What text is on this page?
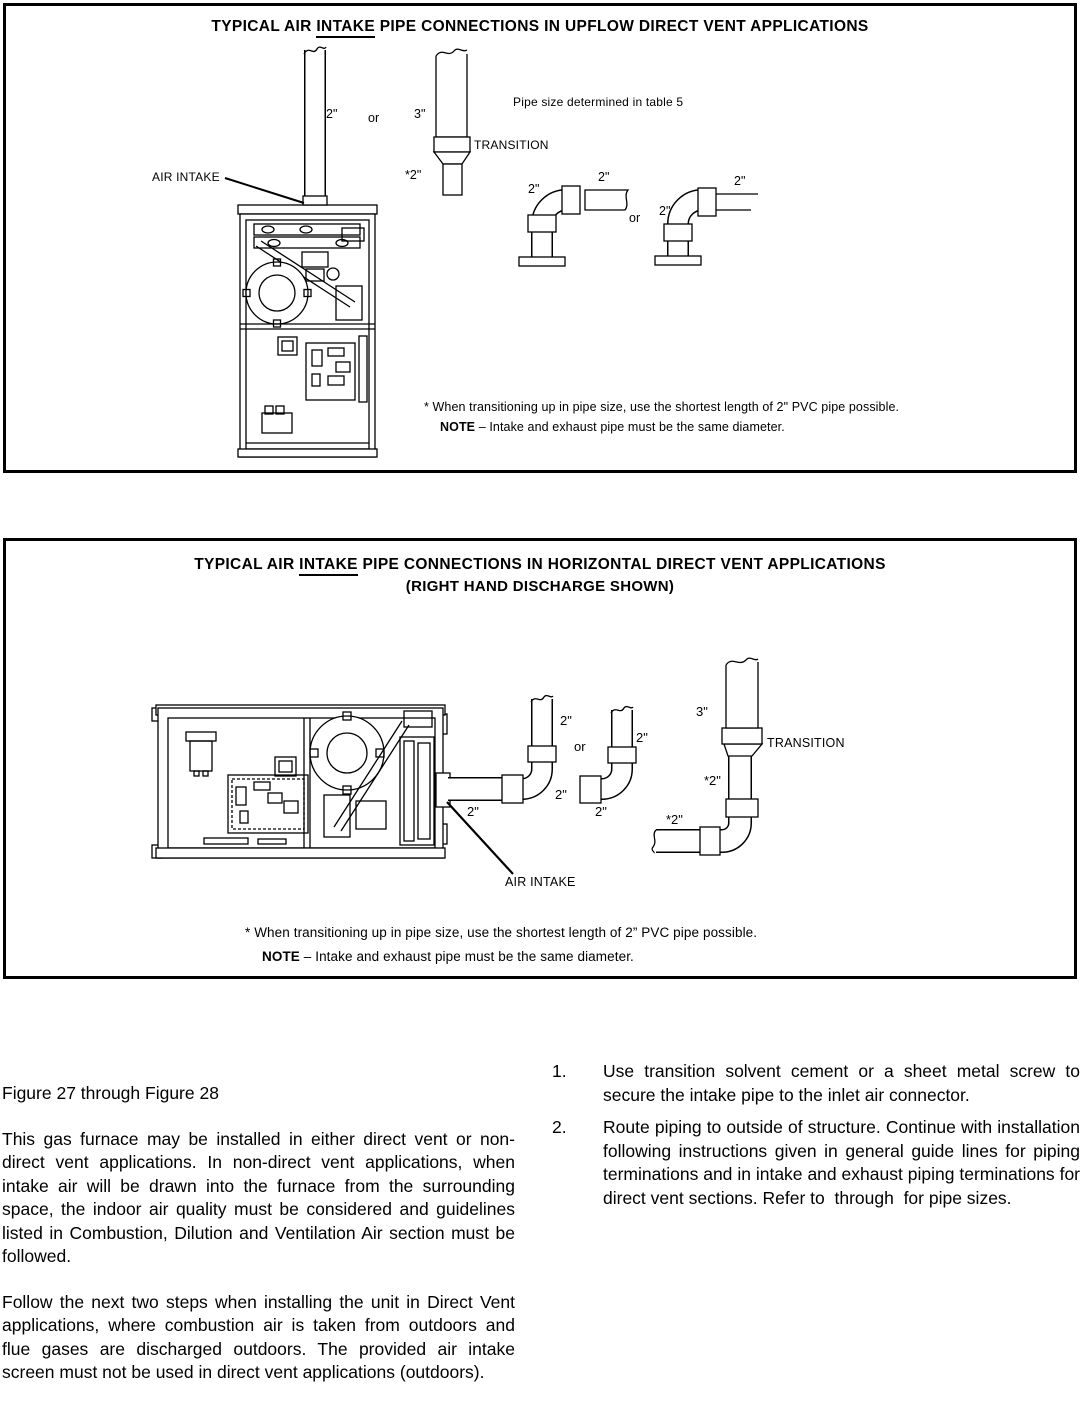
TYPICAL AIR INTAKE PIPE CONNECTIONS IN UPFLOW DIRECT VENT APPLICATIONS
2" or	3"
Pipe size determined in table 5
TRANSITION
*2"
AIR INTAKE
2"
2"
or 2"
2"
* When transitioning up in pipe size, use the shortest length of 2" PVC pipe possible.
NOTE – Intake and exhaust pipe must be the same diameter.
TYPICAL AIR INTAKE PIPE CONNECTIONS IN HORIZONTAL DIRECT VENT APPLICATIONS
(RIGHT HAND DISCHARGE SHOWN)
2"
or
2"
3"
TRANSITION
2"
2"
2"
*2"
*2"
AIR INTAKE
* When transitioning up in pipe size, use the shortest length of 2” PVC pipe possible.
NOTE – Intake and exhaust pipe must be the same diameter.

Figure 27 through Figure 28

This gas furnace may be installed in either direct vent or non-direct vent applications. In non-direct vent applications, when intake air will be drawn into the furnace from the surrounding space, the indoor air quality must be considered and guidelines listed in Combustion, Dilution and Ventilation Air section must be followed.

Follow the next two steps when installing the unit in Direct Vent applications, where combustion air is taken from outdoors and flue gases are discharged outdoors. The provided air intake screen must not be used in direct vent applications (outdoors).

1.	Use transition solvent cement or a sheet metal screw to secure the intake pipe to the inlet air connector.

2.	Route piping to outside of structure. Continue with installation following instructions given in general guide lines for piping terminations and in intake and exhaust piping terminations for direct vent sections. Refer to  through  for pipe sizes.
